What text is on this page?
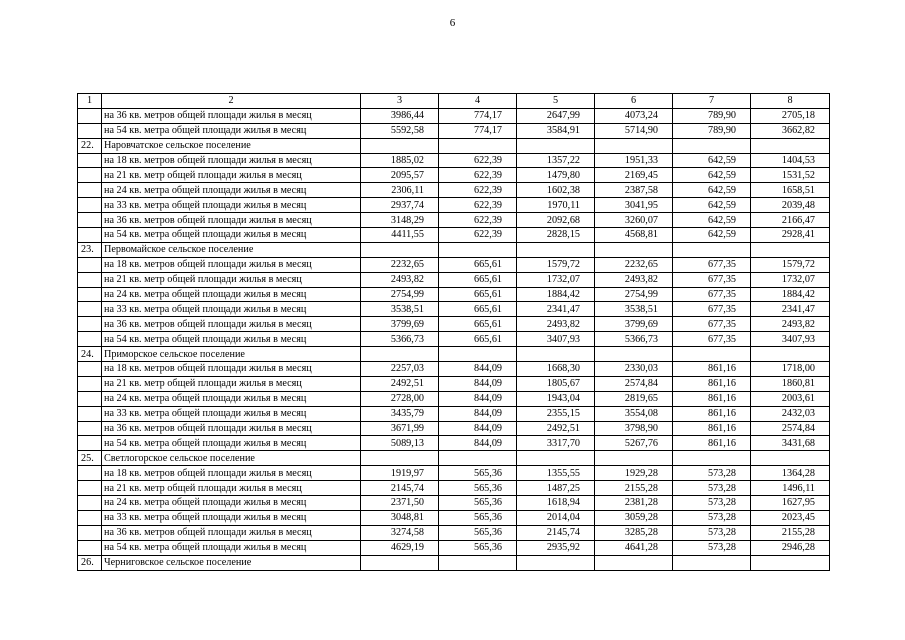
6
1	2	3	4	5	6	7	8
	на 36 кв. метров общей площади жилья в месяц	3986,44	774,17	2647,99	4073,24	789,90	2705,18
	на 54 кв. метра общей площади жилья в месяц	5592,58	774,17	3584,91	5714,90	789,90	3662,82
22.	Наровчатское сельское поселение						
	на 18 кв. метров общей площади жилья в месяц	1885,02	622,39	1357,22	1951,33	642,59	1404,53
	на 21 кв. метр общей площади жилья в месяц	2095,57	622,39	1479,80	2169,45	642,59	1531,52
	на 24 кв. метра общей площади жилья в месяц	2306,11	622,39	1602,38	2387,58	642,59	1658,51
	на 33 кв. метра общей площади жилья в месяц	2937,74	622,39	1970,11	3041,95	642,59	2039,48
	на 36 кв. метров общей площади жилья в месяц	3148,29	622,39	2092,68	3260,07	642,59	2166,47
	на 54 кв. метра общей площади жилья в месяц	4411,55	622,39	2828,15	4568,81	642,59	2928,41
23.	Первомайское сельское поселение						
	на 18 кв. метров общей площади жилья в месяц	2232,65	665,61	1579,72	2232,65	677,35	1579,72
	на 21 кв. метр общей площади жилья в месяц	2493,82	665,61	1732,07	2493,82	677,35	1732,07
	на 24 кв. метра общей площади жилья в месяц	2754,99	665,61	1884,42	2754,99	677,35	1884,42
	на 33 кв. метра общей площади жилья в месяц	3538,51	665,61	2341,47	3538,51	677,35	2341,47
	на 36 кв. метров общей площади жилья в месяц	3799,69	665,61	2493,82	3799,69	677,35	2493,82
	на 54 кв. метра общей площади жилья в месяц	5366,73	665,61	3407,93	5366,73	677,35	3407,93
24.	Приморское сельское поселение						
	на 18 кв. метров общей площади жилья в месяц	2257,03	844,09	1668,30	2330,03	861,16	1718,00
	на 21 кв. метр общей площади жилья в месяц	2492,51	844,09	1805,67	2574,84	861,16	1860,81
	на 24 кв. метра общей площади жилья в месяц	2728,00	844,09	1943,04	2819,65	861,16	2003,61
	на 33 кв. метра общей площади жилья в месяц	3435,79	844,09	2355,15	3554,08	861,16	2432,03
	на 36 кв. метров общей площади жилья в месяц	3671,99	844,09	2492,51	3798,90	861,16	2574,84
	на 54 кв. метра общей площади жилья в месяц	5089,13	844,09	3317,70	5267,76	861,16	3431,68
25.	Светлогорское сельское поселение						
	на 18 кв. метров общей площади жилья в месяц	1919,97	565,36	1355,55	1929,28	573,28	1364,28
	на 21 кв. метр общей площади жилья в месяц	2145,74	565,36	1487,25	2155,28	573,28	1496,11
	на 24 кв. метра общей площади жилья в месяц	2371,50	565,36	1618,94	2381,28	573,28	1627,95
	на 33 кв. метра общей площади жилья в месяц	3048,81	565,36	2014,04	3059,28	573,28	2023,45
	на 36 кв. метров общей площади жилья в месяц	3274,58	565,36	2145,74	3285,28	573,28	2155,28
	на 54 кв. метра общей площади жилья в месяц	4629,19	565,36	2935,92	4641,28	573,28	2946,28
26.	Черниговское сельское поселение						
